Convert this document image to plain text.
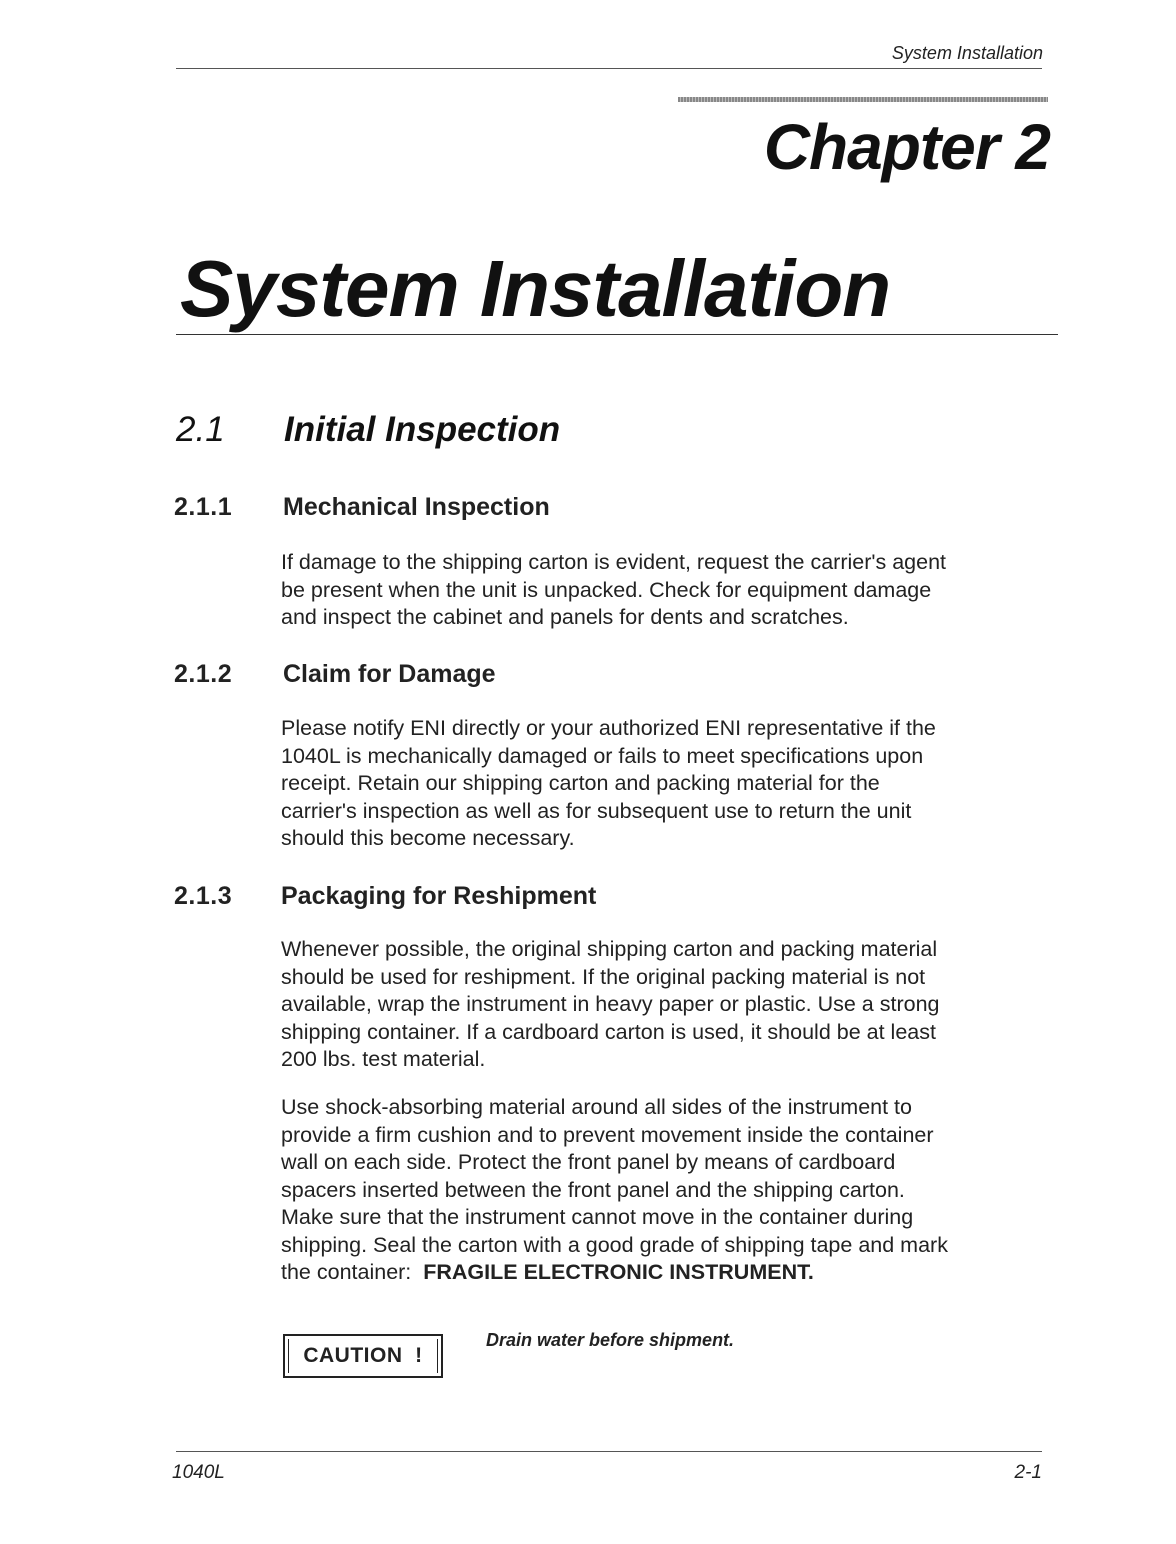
System Installation
Chapter 2
System Installation
2.1 Initial Inspection
2.1.1 Mechanical Inspection
If damage to the shipping carton is evident, request the carrier's agent
be present when the unit is unpacked. Check for equipment damage
and inspect the cabinet and panels for dents and scratches.
2.1.2 Claim for Damage
Please notify ENI directly or your authorized ENI representative if the
1040L is mechanically damaged or fails to meet specifications upon
receipt. Retain our shipping carton and packing material for the
carrier's inspection as well as for subsequent use to return the unit
should this become necessary.
2.1.3 Packaging for Reshipment
Whenever possible, the original shipping carton and packing material
should be used for reshipment. If the original packing material is not
available, wrap the instrument in heavy paper or plastic. Use a strong
shipping container. If a cardboard carton is used, it should be at least
200 lbs. test material.
Use shock-absorbing material around all sides of the instrument to
provide a firm cushion and to prevent movement inside the container
wall on each side. Protect the front panel by means of cardboard
spacers inserted between the front panel and the shipping carton.
Make sure that the instrument cannot move in the container during
shipping. Seal the carton with a good grade of shipping tape and mark
the container:  FRAGILE ELECTRONIC INSTRUMENT.
CAUTION  !
Drain water before shipment.
1040L	2-1
